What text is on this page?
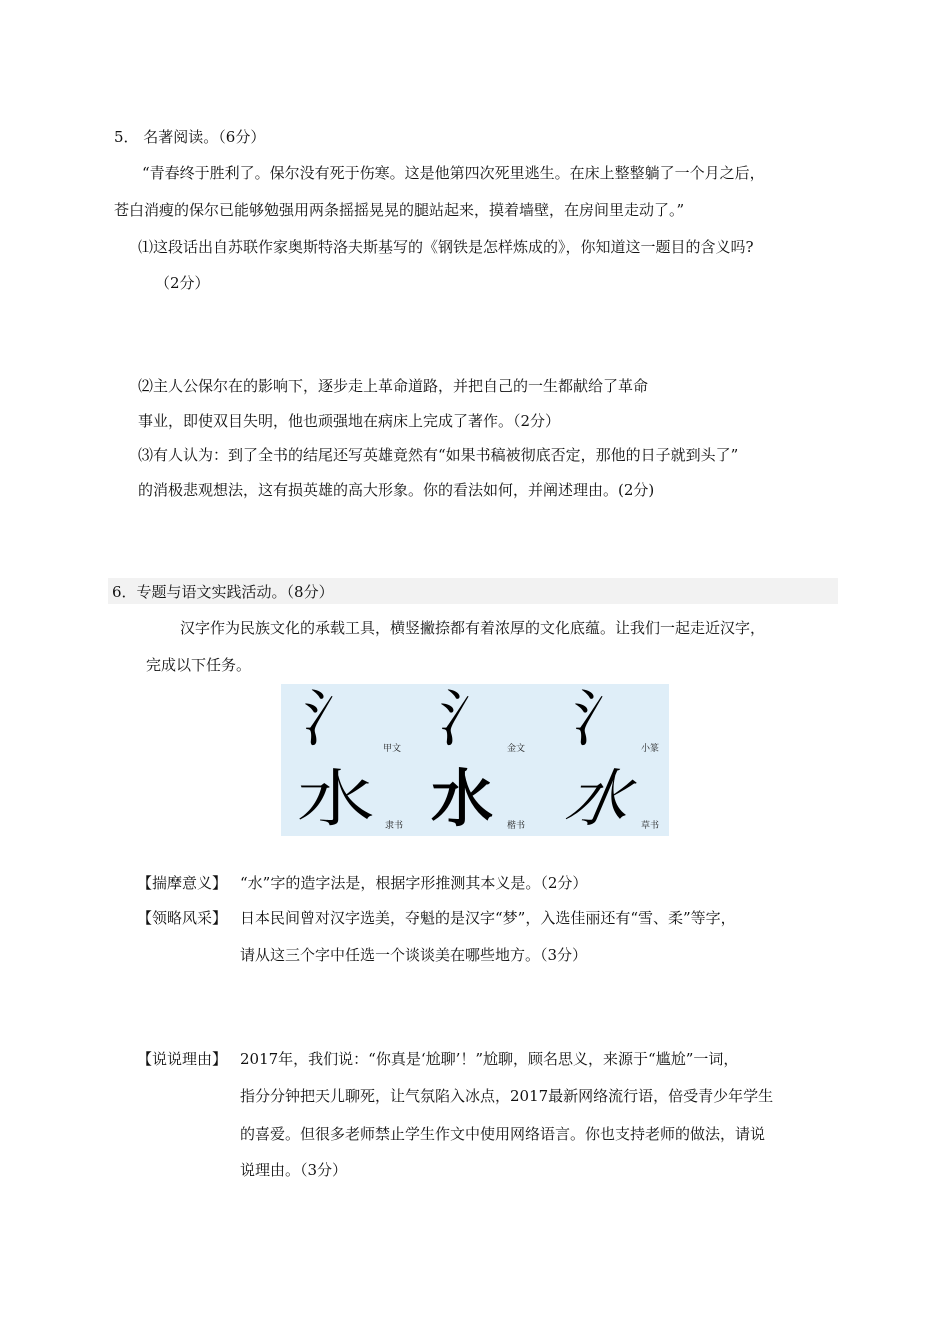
5． 名著阅读。（6分）
“青春终于胜利了。保尔没有死于伤寒。这是他第四次死里逃生。在床上整整躺了一个月之后，
苍白消瘦的保尔已能够勉强用两条摇摇晃晃的腿站起来，摸着墙壁，在房间里走动了。”
⑴这段话出自苏联作家奥斯特洛夫斯基写的《钢铁是怎样炼成的》，你知道这一题目的含义吗?
（2分）
⑵主人公保尔在的影响下，逐步走上革命道路，并把自己的一生都献给了革命
事业，即使双目失明，他也顽强地在病床上完成了著作。（2分）
⑶有人认为：到了全书的结尾还写英雄竟然有“如果书稿被彻底否定，那他的日子就到头了”
的消极悲观想法，这有损英雄的高大形象。你的看法如何，并阐述理由。(2分)
6．专题与语文实践活动。（8分）
汉字作为民族文化的承载工具，横竖撇捺都有着浓厚的文化底蕴。让我们一起走近汉字，
完成以下任务。
氵 氵 氵
甲文	金文	小篆
水 水 水
隶书	楷书	草书
【揣摩意义】 “水”字的造字法是，根据字形推测其本义是。（2分）
【领略风采】 日本民间曾对汉字选美，夺魁的是汉字“梦”，入选佳丽还有“雪、柔”等字，
请从这三个字中任选一个谈谈美在哪些地方。（3分）
【说说理由】 2017年，我们说：“你真是‘尬聊’！”尬聊，顾名思义，来源于“尴尬”一词，
指分分钟把天儿聊死，让气氛陷入冰点，2017最新网络流行语，倍受青少年学生
的喜爱。但很多老师禁止学生作文中使用网络语言。你也支持老师的做法，请说
说理由。（3分）
